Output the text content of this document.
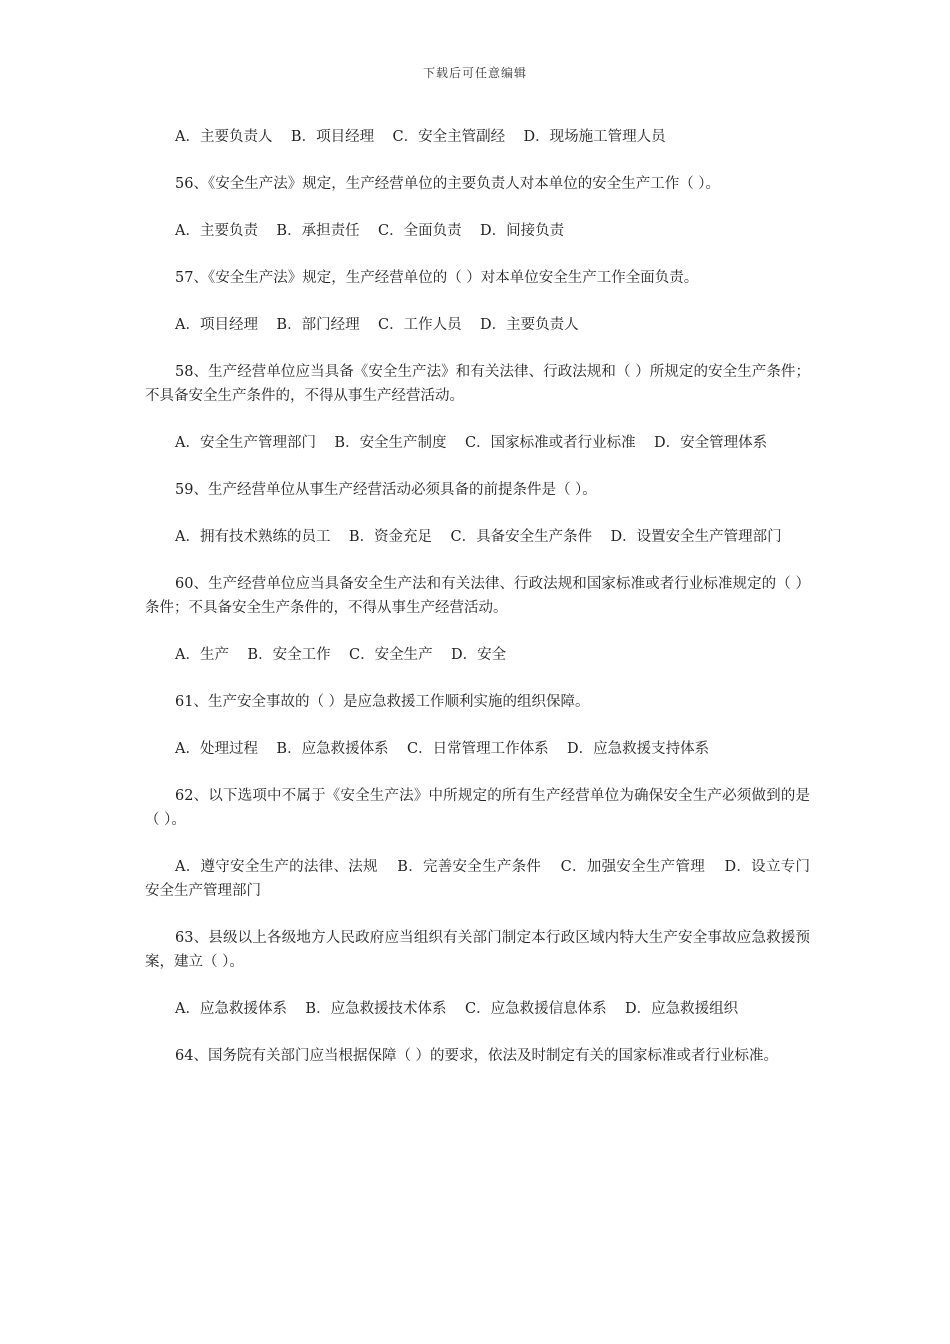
下载后可任意编辑

A．主要负责人    B．项目经理    C．安全主管副经    D．现场施工管理人员

56、《安全生产法》规定，生产经营单位的主要负责人对本单位的安全生产工作（ ）。

A．主要负责    B．承担责任    C．全面负责    D．间接负责

57、《安全生产法》规定，生产经营单位的（ ）对本单位安全生产工作全面负责。

A．项目经理    B．部门经理    C．工作人员    D．主要负责人

58、生产经营单位应当具备《安全生产法》和有关法律、行政法规和（ ）所规定的安全生产条件；不具备安全生产条件的，不得从事生产经营活动。

A．安全生产管理部门    B．安全生产制度    C．国家标准或者行业标准    D．安全管理体系

59、生产经营单位从事生产经营活动必须具备的前提条件是（ ）。

A．拥有技术熟练的员工    B．资金充足    C．具备安全生产条件    D．设置安全生产管理部门

60、生产经营单位应当具备安全生产法和有关法律、行政法规和国家标准或者行业标准规定的（ ）条件；不具备安全生产条件的，不得从事生产经营活动。

A．生产    B．安全工作    C．安全生产    D．安全

61、生产安全事故的（ ）是应急救援工作顺利实施的组织保障。

A．处理过程    B．应急救援体系    C．日常管理工作体系    D．应急救援支持体系

62、以下选项中不属于《安全生产法》中所规定的所有生产经营单位为确保安全生产必须做到的是（ ）。

A．遵守安全生产的法律、法规    B．完善安全生产条件    C．加强安全生产管理    D．设立专门安全生产管理部门

63、县级以上各级地方人民政府应当组织有关部门制定本行政区域内特大生产安全事故应急救援预案，建立（ ）。

A．应急救援体系    B．应急救援技术体系    C．应急救援信息体系    D．应急救援组织

64、国务院有关部门应当根据保障（ ）的要求，依法及时制定有关的国家标准或者行业标准。
